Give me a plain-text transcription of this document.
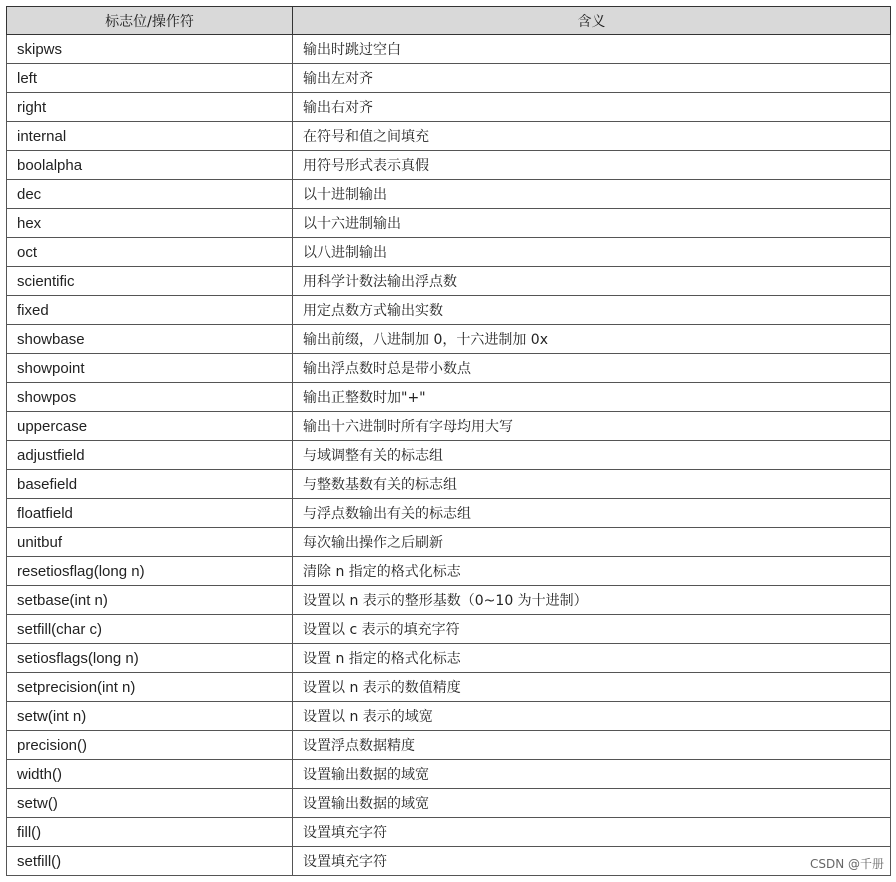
标志位/操作符	含义
skipws	输出时跳过空白
left	输出左对齐
right	输出右对齐
internal	在符号和值之间填充
boolalpha	用符号形式表示真假
dec	以十进制输出
hex	以十六进制输出
oct	以八进制输出
scientific	用科学计数法输出浮点数
fixed	用定点数方式输出实数
showbase	输出前缀，八进制加 0，十六进制加 0x
showpoint	输出浮点数时总是带小数点
showpos	输出正整数时加"+"
uppercase	输出十六进制时所有字母均用大写
adjustfield	与域调整有关的标志组
basefield	与整数基数有关的标志组
floatfield	与浮点数输出有关的标志组
unitbuf	每次输出操作之后刷新
resetiosflag(long n)	清除 n 指定的格式化标志
setbase(int n)	设置以 n 表示的整形基数（0~10 为十进制）
setfill(char c)	设置以 c 表示的填充字符
setiosflags(long n)	设置 n 指定的格式化标志
setprecision(int n)	设置以 n 表示的数值精度
setw(int n)	设置以 n 表示的域宽
precision()	设置浮点数据精度
width()	设置输出数据的域宽
setw()	设置输出数据的域宽
fill()	设置填充字符
setfill()	设置填充字符	CSDN @千册
